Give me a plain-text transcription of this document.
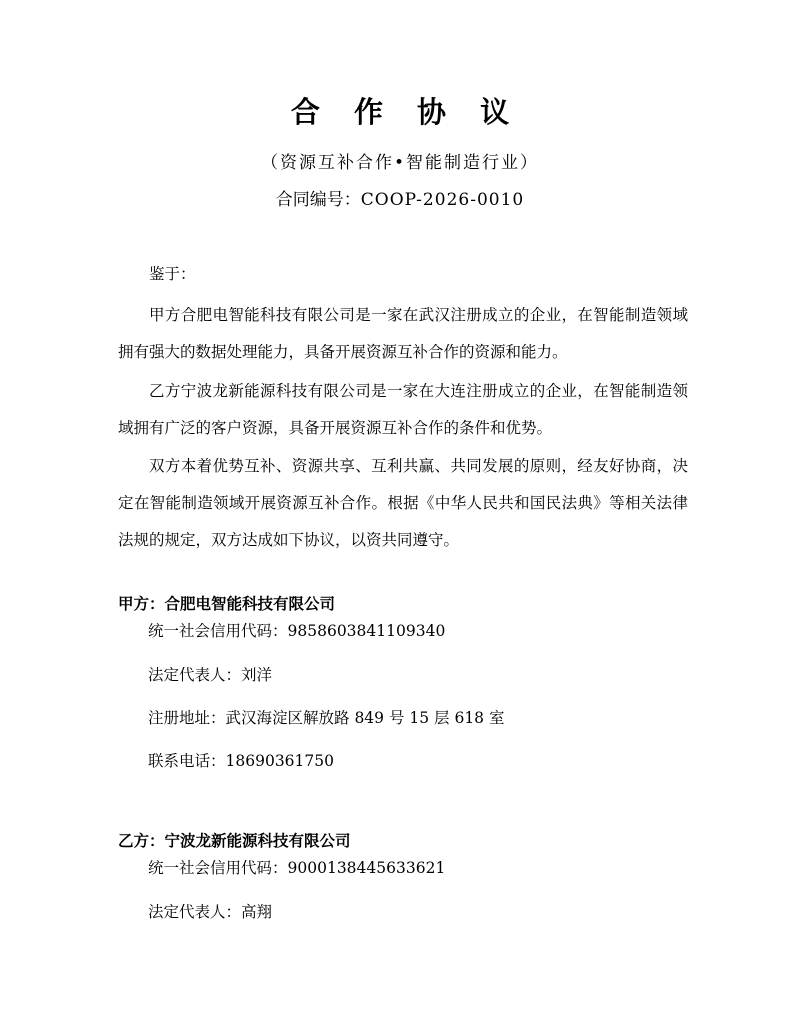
合 作 协 议
（资源互补合作•智能制造行业）
合同编号：COOP-2026-0010

鉴于：

甲方合肥电智能科技有限公司是一家在武汉注册成立的企业，在智能制造领域拥有强大的数据处理能力，具备开展资源互补合作的资源和能力。

乙方宁波龙新能源科技有限公司是一家在大连注册成立的企业，在智能制造领域拥有广泛的客户资源，具备开展资源互补合作的条件和优势。

双方本着优势互补、资源共享、互利共赢、共同发展的原则，经友好协商，决定在智能制造领域开展资源互补合作。根据《中华人民共和国民法典》等相关法律法规的规定，双方达成如下协议，以资共同遵守。

甲方：合肥电智能科技有限公司

统一社会信用代码：9858603841109340

法定代表人：刘洋

注册地址：武汉海淀区解放路 849 号 15 层 618 室

联系电话：18690361750

乙方：宁波龙新能源科技有限公司

统一社会信用代码：9000138445633621

法定代表人：高翔
